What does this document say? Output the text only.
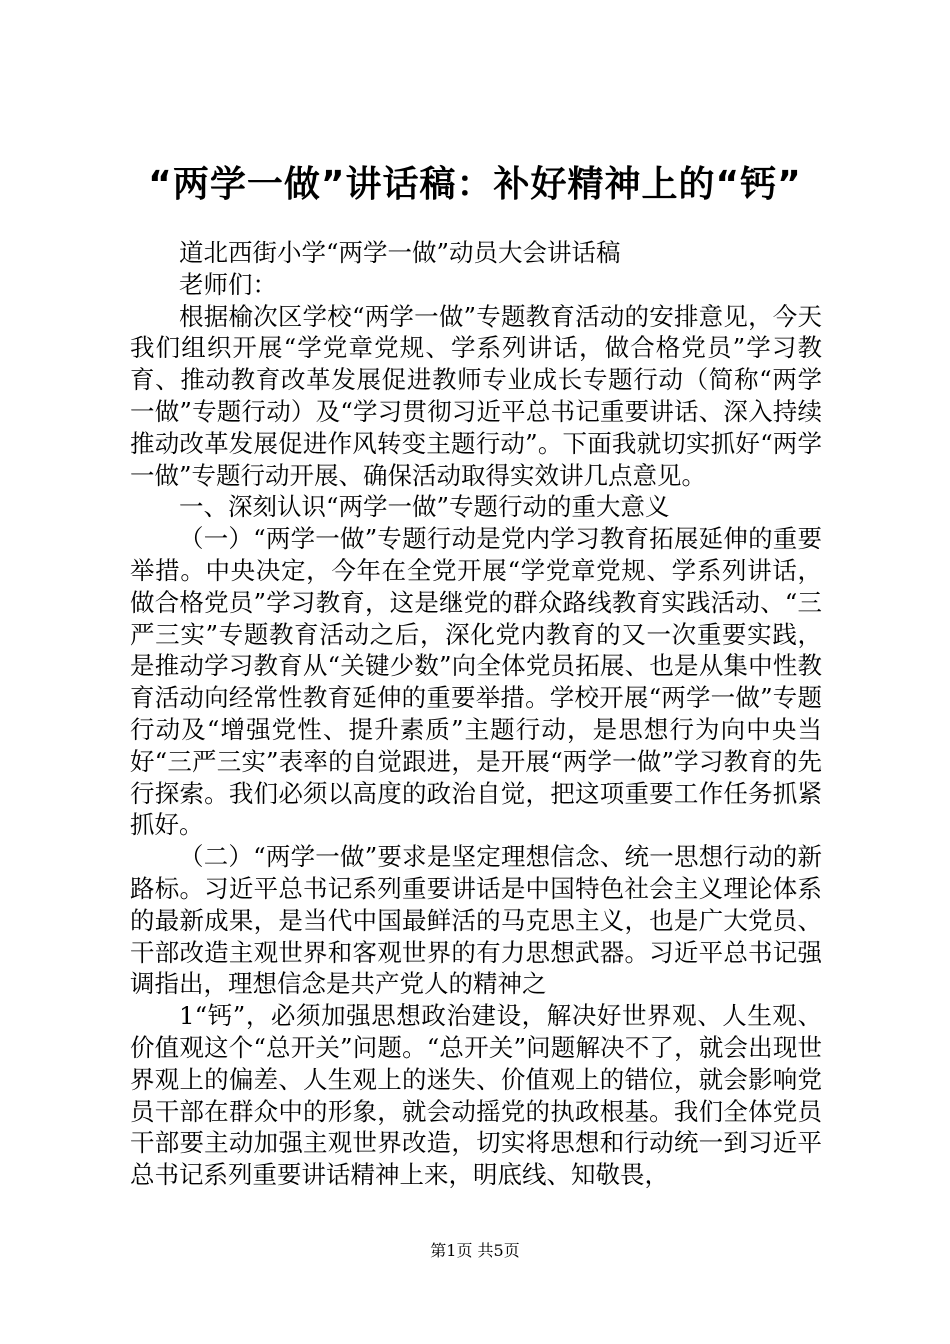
“两学一做”讲话稿：补好精神上的“钙”

道北西街小学“两学一做”动员大会讲话稿

老师们：

根据榆次区学校“两学一做”专题教育活动的安排意见，今天我们组织开展“学党章党规、学系列讲话，做合格党员”学习教育、推动教育改革发展促进教师专业成长专题行动（简称“两学一做”专题行动）及“学习贯彻习近平总书记重要讲话、深入持续推动改革发展促进作风转变主题行动”。下面我就切实抓好“两学一做”专题行动开展、确保活动取得实效讲几点意见。

一、深刻认识“两学一做”专题行动的重大意义

（一）“两学一做”专题行动是党内学习教育拓展延伸的重要举措。中央决定，今年在全党开展“学党章党规、学系列讲话，做合格党员”学习教育，这是继党的群众路线教育实践活动、“三严三实”专题教育活动之后，深化党内教育的又一次重要实践，是推动学习教育从“关键少数”向全体党员拓展、也是从集中性教育活动向经常性教育延伸的重要举措。学校开展“两学一做”专题行动及“增强党性、提升素质”主题行动，是思想行为向中央当好“三严三实”表率的自觉跟进，是开展“两学一做”学习教育的先行探索。我们必须以高度的政治自觉，把这项重要工作任务抓紧抓好。

（二）“两学一做”要求是坚定理想信念、统一思想行动的新路标。习近平总书记系列重要讲话是中国特色社会主义理论体系的最新成果，是当代中国最鲜活的马克思主义，也是广大党员、干部改造主观世界和客观世界的有力思想武器。习近平总书记强调指出，理想信念是共产党人的精神之

1“钙”，必须加强思想政治建设，解决好世界观、人生观、价值观这个“总开关”问题。“总开关”问题解决不了，就会出现世界观上的偏差、人生观上的迷失、价值观上的错位，就会影响党员干部在群众中的形象，就会动摇党的执政根基。我们全体党员干部要主动加强主观世界改造，切实将思想和行动统一到习近平总书记系列重要讲话精神上来，明底线、知敬畏，

第1页 共5页
